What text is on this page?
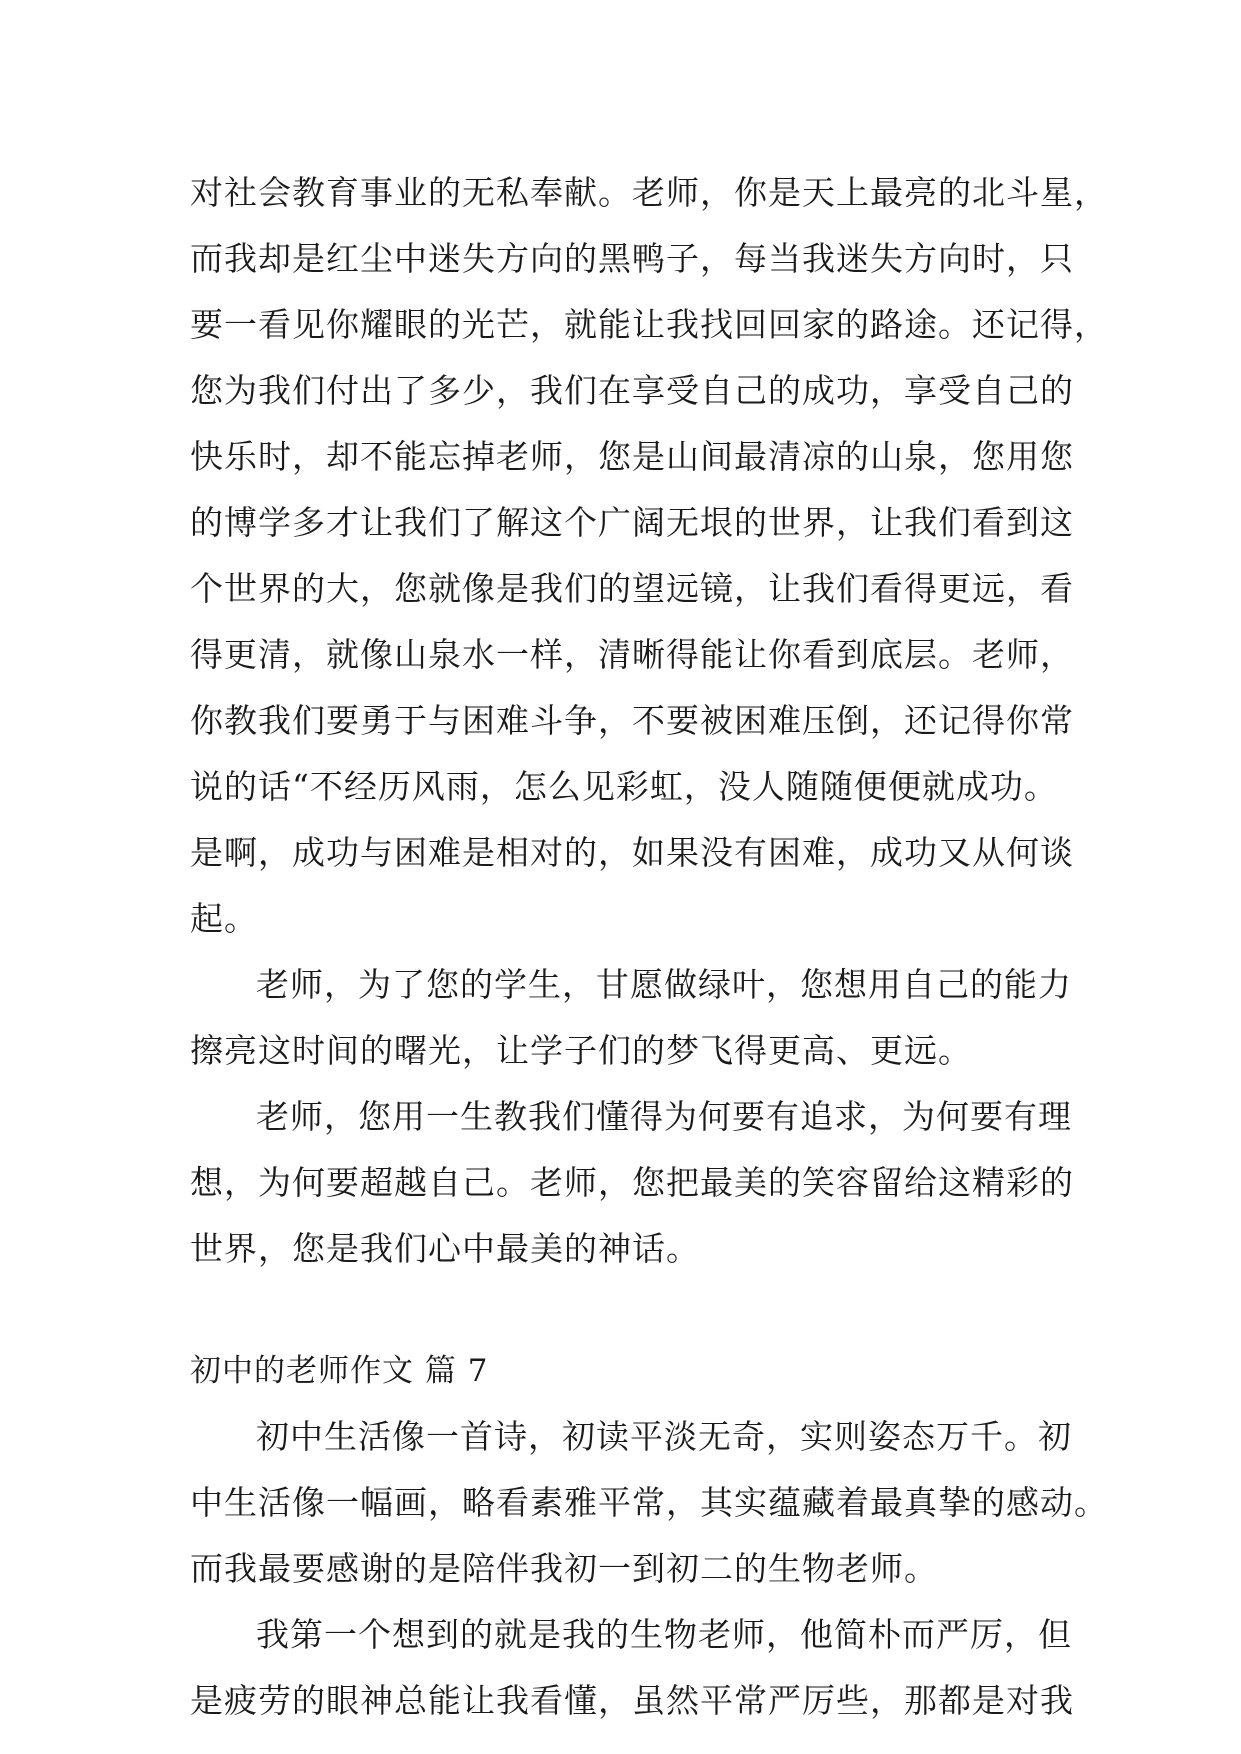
对社会教育事业的无私奉献。老师，你是天上最亮的北斗星，
而我却是红尘中迷失方向的黑鸭子，每当我迷失方向时，只
要一看见你耀眼的光芒，就能让我找回回家的路途。还记得，
您为我们付出了多少，我们在享受自己的成功，享受自己的
快乐时，却不能忘掉老师，您是山间最清凉的山泉，您用您
的博学多才让我们了解这个广阔无垠的世界，让我们看到这
个世界的大，您就像是我们的望远镜，让我们看得更远，看
得更清，就像山泉水一样，清晰得能让你看到底层。老师，
你教我们要勇于与困难斗争，不要被困难压倒，还记得你常
说的话“不经历风雨，怎么见彩虹，没人随随便便就成功。
是啊，成功与困难是相对的，如果没有困难，成功又从何谈
起。
老师，为了您的学生，甘愿做绿叶，您想用自己的能力
擦亮这时间的曙光，让学子们的梦飞得更高、更远。
老师，您用一生教我们懂得为何要有追求，为何要有理
想，为何要超越自己。老师，您把最美的笑容留给这精彩的
世界，您是我们心中最美的神话。
初中的老师作文 篇 7
初中生活像一首诗，初读平淡无奇，实则姿态万千。初
中生活像一幅画，略看素雅平常，其实蕴藏着最真挚的感动。
而我最要感谢的是陪伴我初一到初二的生物老师。
我第一个想到的就是我的生物老师，他简朴而严厉，但
是疲劳的眼神总能让我看懂，虽然平常严厉些，那都是对我
